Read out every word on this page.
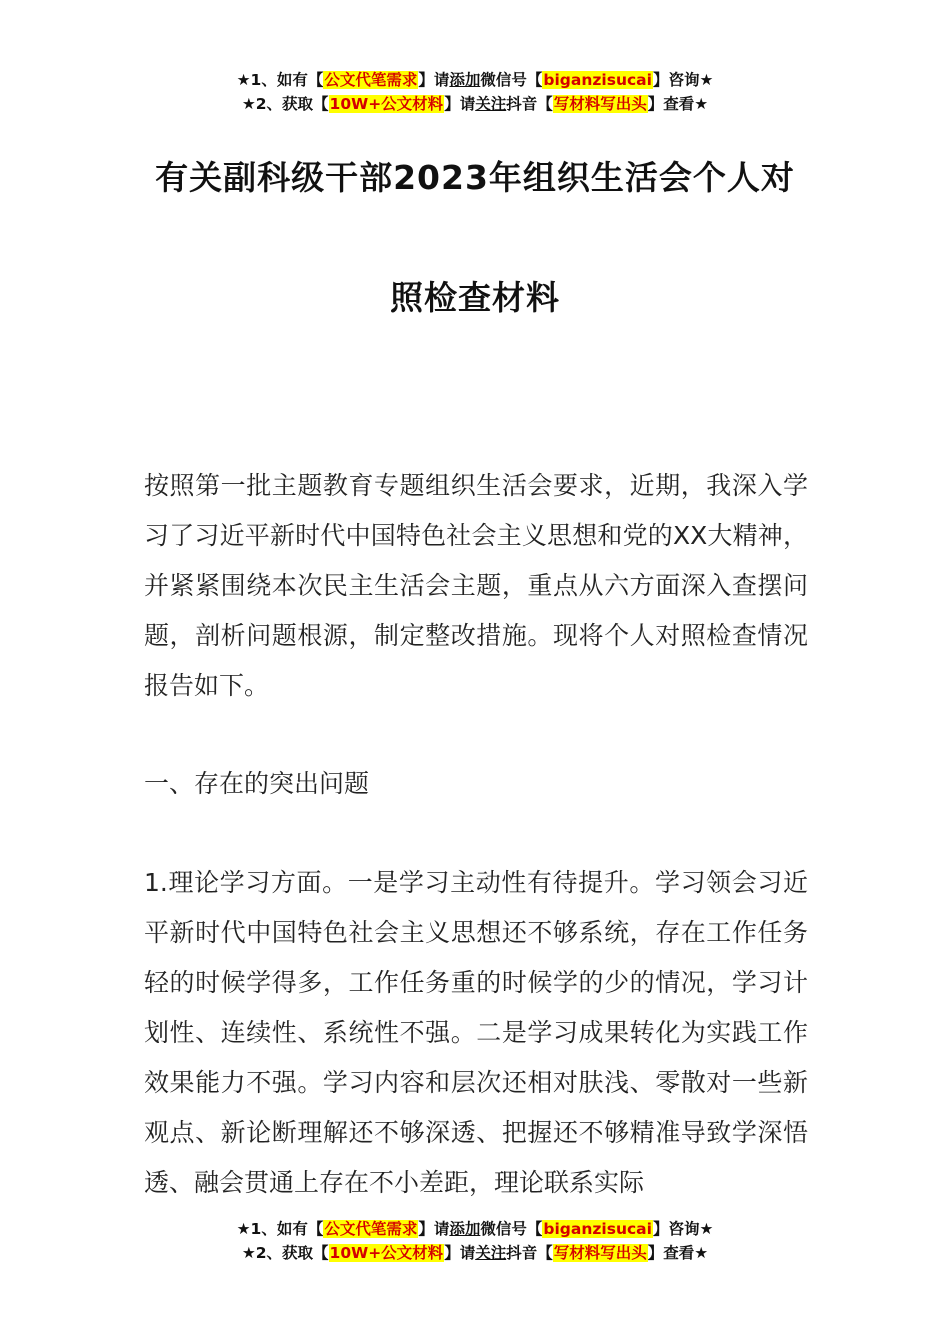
★1、如有【公文代笔需求】请添加微信号【biganzisucai】咨询★
★2、获取【10W+公文材料】请关注抖音【写材料写出头】查看★
有关副科级干部2023年组织生活会个人对
照检查材料
按照第一批主题教育专题组织生活会要求，近期，我深入学习了习近平新时代中国特色社会主义思想和党的XX大精神，并紧紧围绕本次民主生活会主题，重点从六方面深入查摆问题，剖析问题根源，制定整改措施。现将个人对照检查情况报告如下。
一、存在的突出问题
1.理论学习方面。一是学习主动性有待提升。学习领会习近平新时代中国特色社会主义思想还不够系统，存在工作任务轻的时候学得多，工作任务重的时候学的少的情况，学习计划性、连续性、系统性不强。二是学习成果转化为实践工作效果能力不强。学习内容和层次还相对肤浅、零散对一些新观点、新论断理解还不够深透、把握还不够精准导致学深悟透、融会贯通上存在不小差距，理论联系实际
★1、如有【公文代笔需求】请添加微信号【biganzisucai】咨询★
★2、获取【10W+公文材料】请关注抖音【写材料写出头】查看★
